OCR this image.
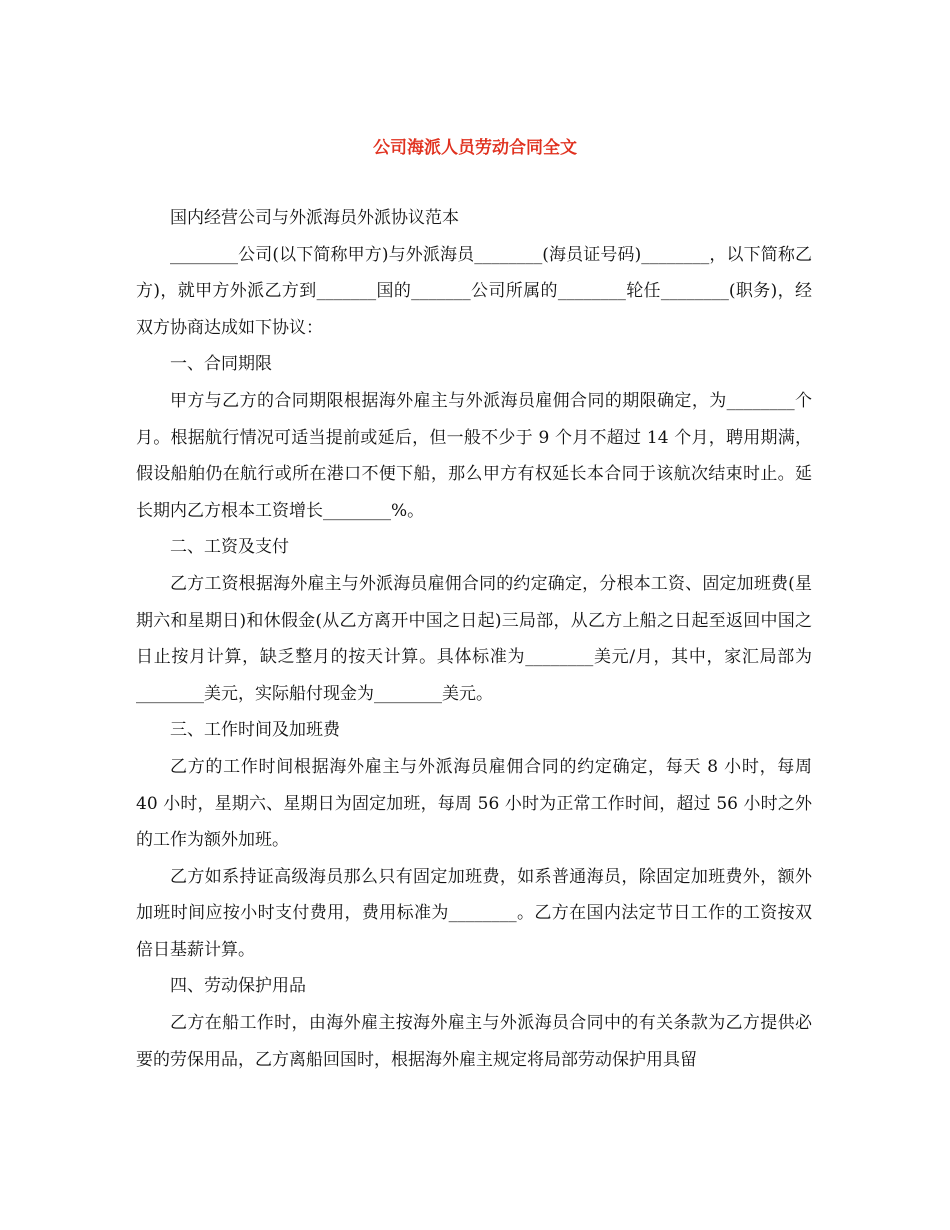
公司海派人员劳动合同全文

国内经营公司与外派海员外派协议范本

________公司(以下简称甲方)与外派海员________(海员证号码)________，以下简称乙方)，就甲方外派乙方到_______国的_______公司所属的________轮任________(职务)，经双方协商达成如下协议：

一、合同期限

甲方与乙方的合同期限根据海外雇主与外派海员雇佣合同的期限确定，为________个月。根据航行情况可适当提前或延后，但一般不少于 9 个月不超过 14 个月，聘用期满，假设船舶仍在航行或所在港口不便下船，那么甲方有权延长本合同于该航次结束时止。延长期内乙方根本工资增长________%。

二、工资及支付

乙方工资根据海外雇主与外派海员雇佣合同的约定确定，分根本工资、固定加班费(星期六和星期日)和休假金(从乙方离开中国之日起)三局部，从乙方上船之日起至返回中国之日止按月计算，缺乏整月的按天计算。具体标准为________美元/月，其中，家汇局部为________美元，实际船付现金为________美元。

三、工作时间及加班费

乙方的工作时间根据海外雇主与外派海员雇佣合同的约定确定，每天 8 小时，每周 40 小时，星期六、星期日为固定加班，每周 56 小时为正常工作时间，超过 56 小时之外的工作为额外加班。

乙方如系持证高级海员那么只有固定加班费，如系普通海员，除固定加班费外，额外加班时间应按小时支付费用，费用标准为________。乙方在国内法定节日工作的工资按双倍日基薪计算。

四、劳动保护用品

乙方在船工作时，由海外雇主按海外雇主与外派海员合同中的有关条款为乙方提供必要的劳保用品，乙方离船回国时，根据海外雇主规定将局部劳动保护用具留
